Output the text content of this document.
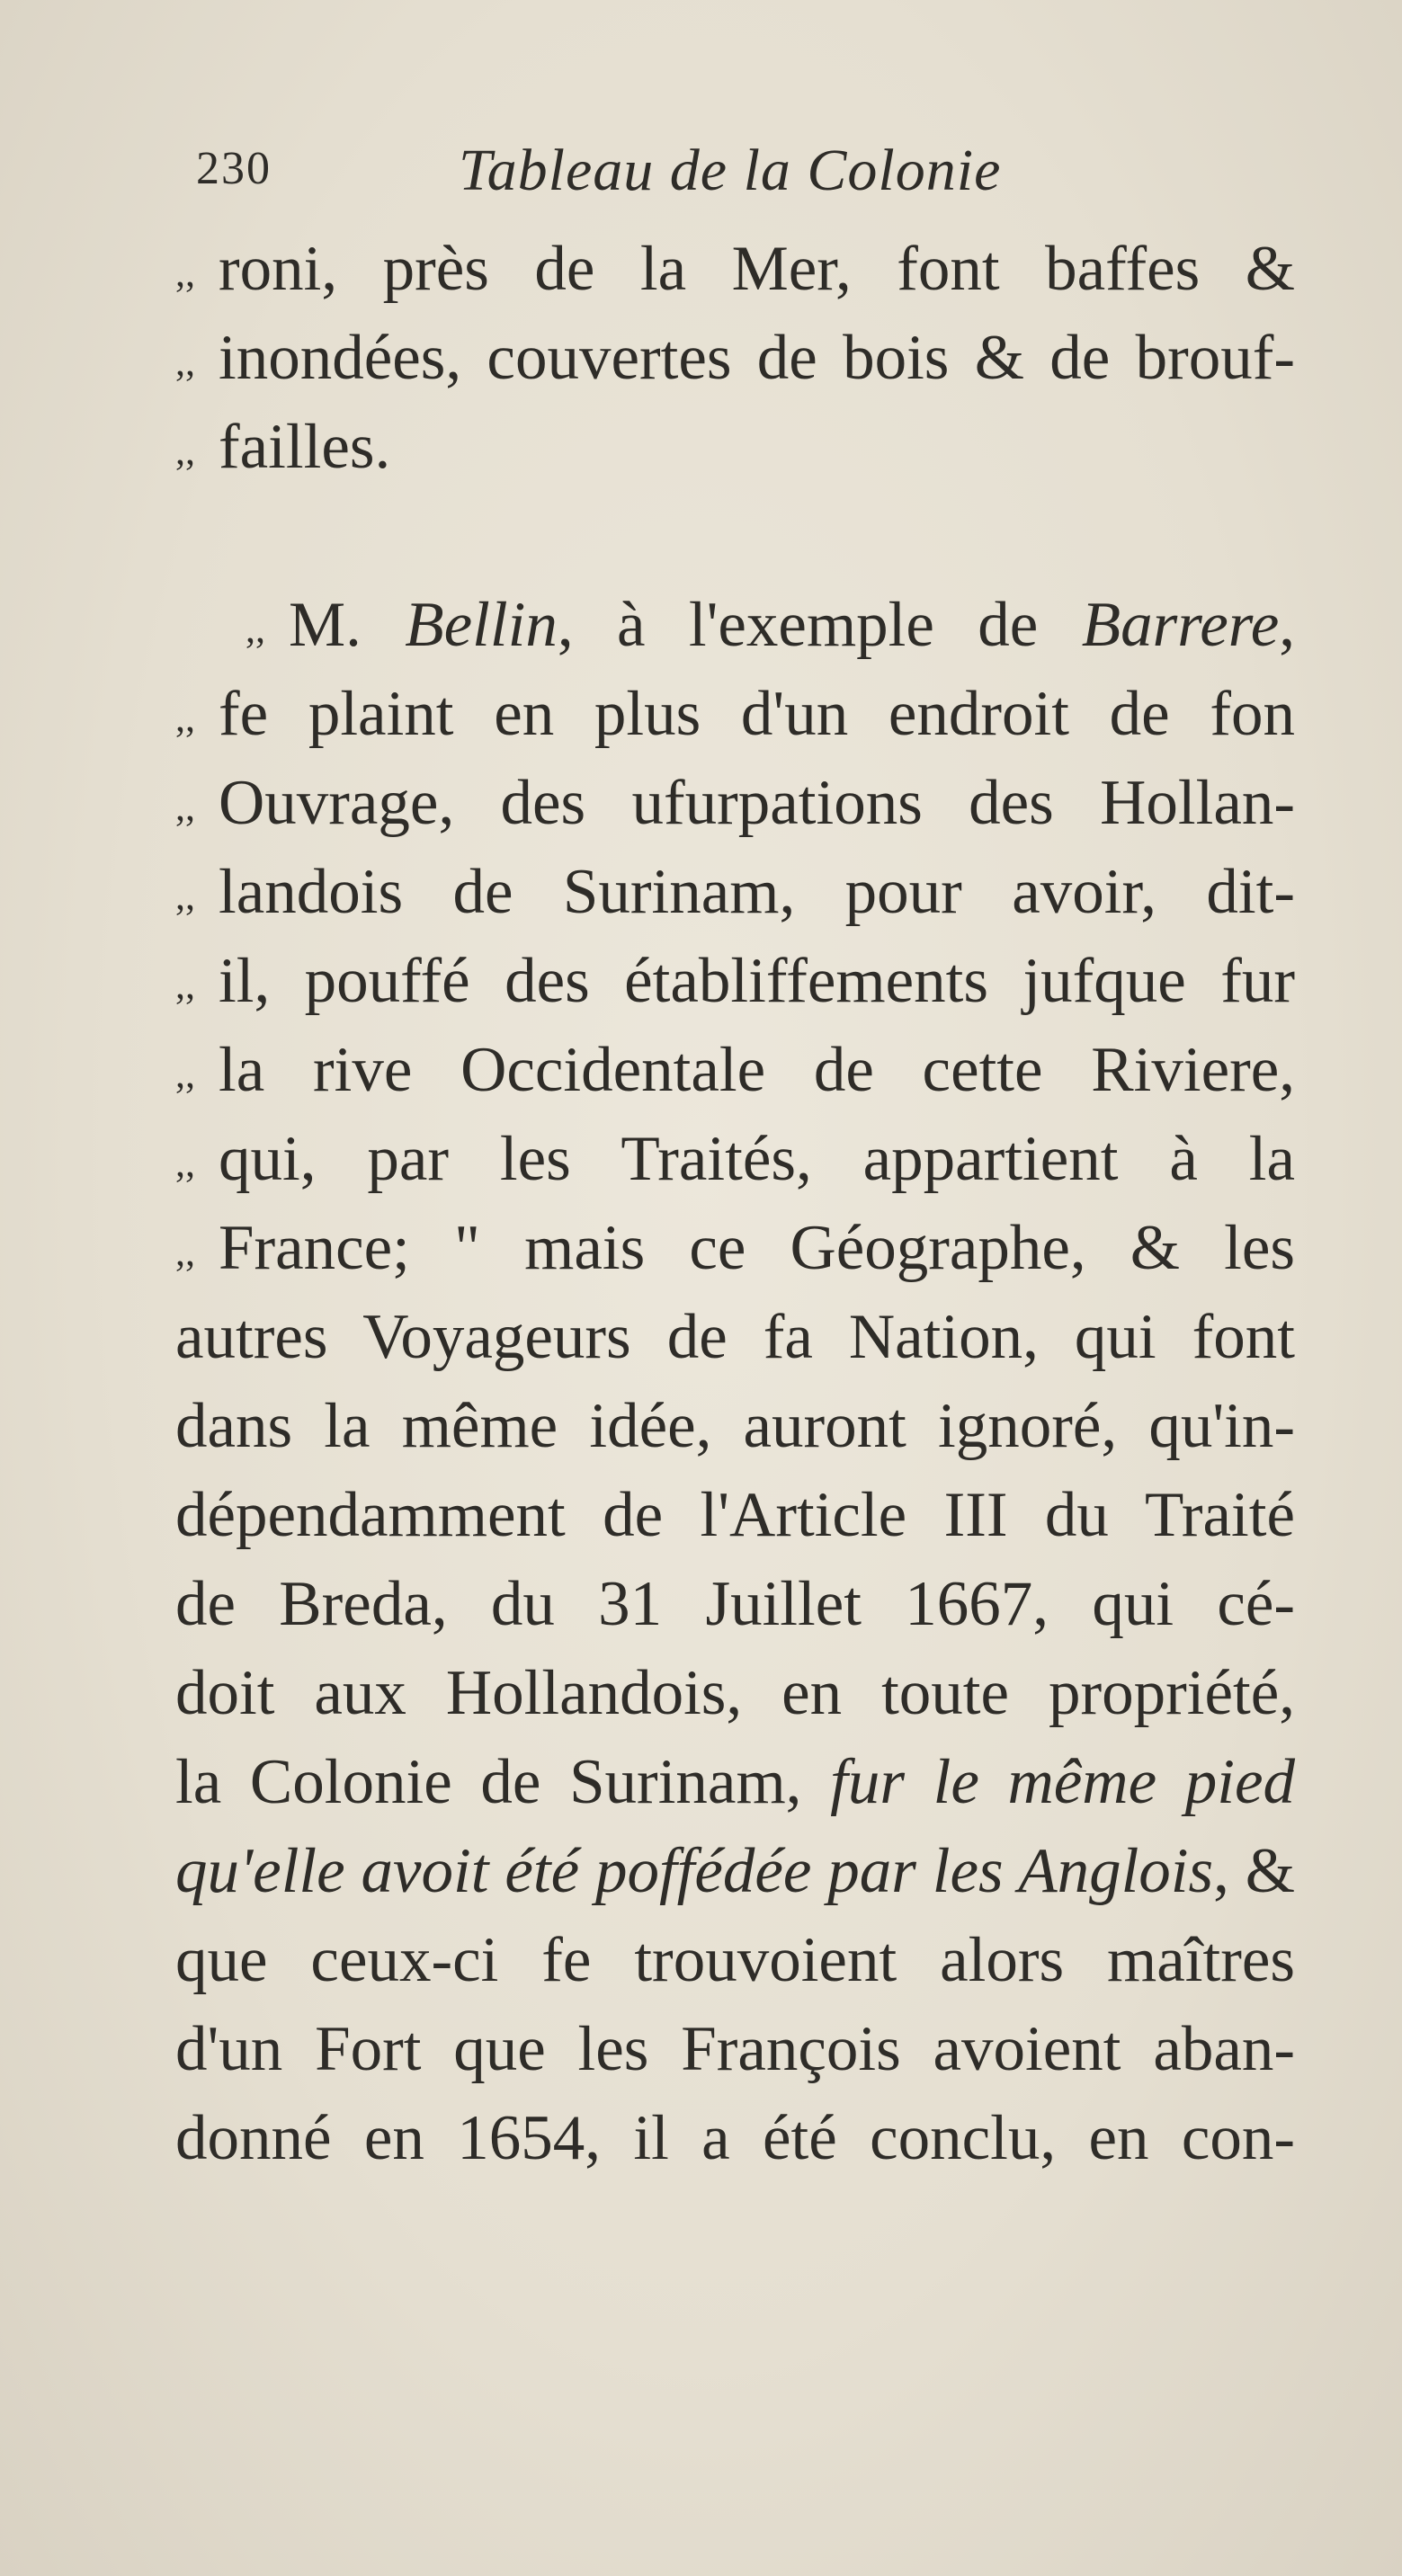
230	Tableau de la Colonie
,, roni, près de la Mer, font baffes &
,, inondées, couvertes de bois & de brouf-
,, failles.
,, M. Bellin, à l'exemple de Barrere,
,, fe plaint en plus d'un endroit de fon
,, Ouvrage, des ufurpations des Hollan-
,, landois de Surinam, pour avoir, dit-
,, il, pouffé des établiffements jufque fur
,, la rive Occidentale de cette Riviere,
,, qui, par les Traités, appartient à la
,, France; " mais ce Géographe, & les
autres Voyageurs de fa Nation, qui font
dans la même idée, auront ignoré, qu'in-
dépendamment de l'Article III du Traité
de Breda, du 31 Juillet 1667, qui cé-
doit aux Hollandois, en toute propriété,
la Colonie de Surinam, fur le même pied
qu'elle avoit été poffédée par les Anglois, &
que ceux-ci fe trouvoient alors maîtres
d'un Fort que les François avoient aban-
donné en 1654, il a été conclu, en con-
